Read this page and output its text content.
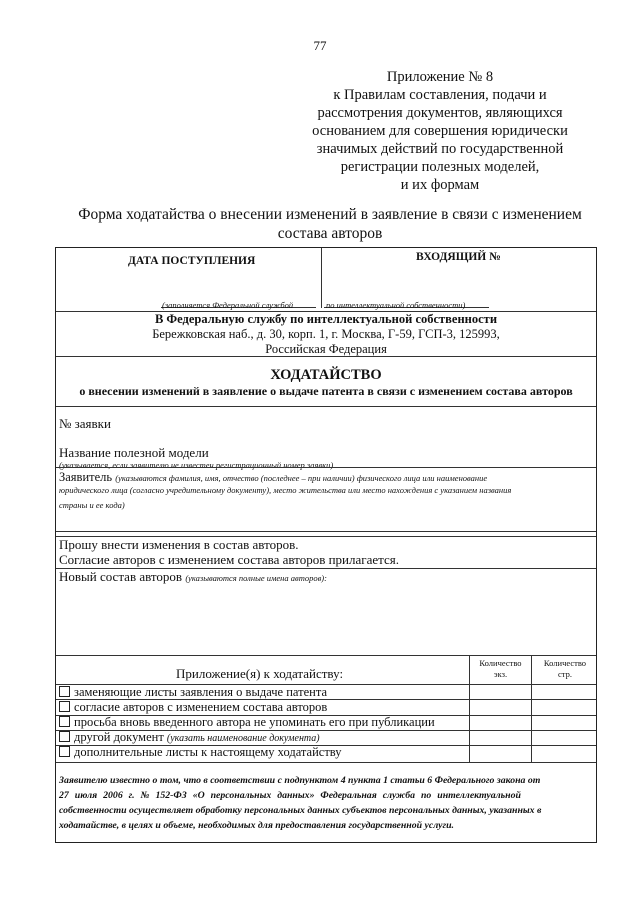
77
Приложение № 8
к Правилам составления, подачи и
рассмотрения документов, являющихся
основанием для совершения юридически
значимых действий по государственной
регистрации полезных моделей,
и их формам
Форма ходатайства о внесении изменений в заявление в связи с изменением
состава авторов
ДАТА ПОСТУПЛЕНИЯ	ВХОДЯЩИЙ №
(заполняется Федеральной службой	по интеллектуальной собственности)
В Федеральную службу по интеллектуальной собственности
Бережковская наб., д. 30, корп. 1, г. Москва, Г-59, ГСП-3, 125993,
Российская Федерация
ХОДАТАЙСТВО
о внесении изменений в заявление о выдаче патента в связи с изменением состава авторов
№ заявки
Название полезной модели
(указывается, если заявителю не известен регистрационный номер заявки)
Заявитель (указываются фамилия, имя, отчество (последнее – при наличии) физического лица или наименование
юридического лица (согласно учредительному документу), место жительства или место нахождения с указанием названия
страны и ее кода)
Прошу внести изменения в состав авторов.
Согласие авторов с изменением состава авторов прилагается.
Новый состав авторов (указываются полные имена авторов):
Приложение(я) к ходатайству:
Количество
экз.
Количество
стр.
заменяющие листы заявления о выдаче патента
согласие авторов с изменением состава авторов
просьба вновь введенного автора не упоминать его при публикации
другой документ (указать наименование документа)
дополнительные листы к настоящему ходатайству
Заявителю известно о том, что в соответствии с подпунктом 4 пункта 1 статьи 6 Федерального закона от
27 июля 2006 г. № 152-ФЗ «О персональных данных» Федеральная служба по интеллектуальной
собственности осуществляет обработку персональных данных субъектов персональных данных, указанных в
ходатайстве, в целях и объеме, необходимых для предоставления государственной услуги.
